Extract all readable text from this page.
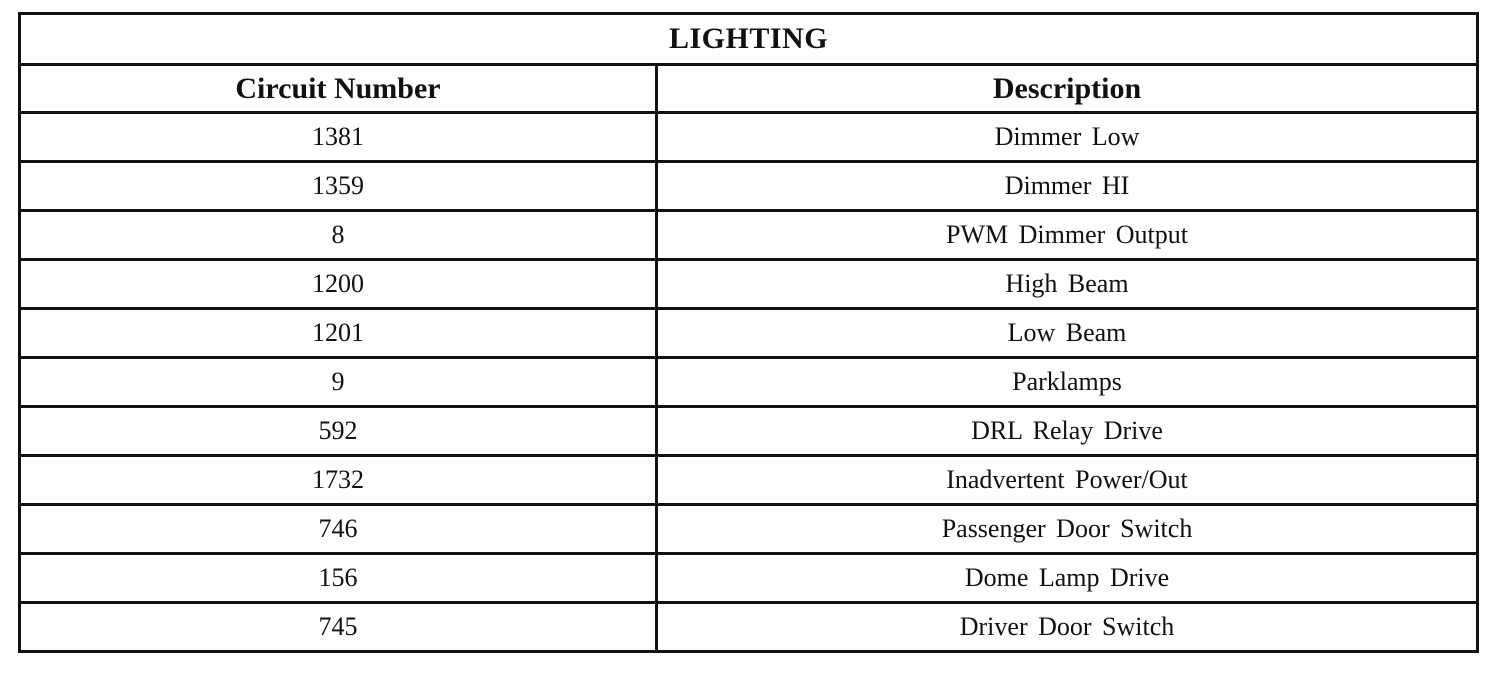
LIGHTING	
Circuit Number	Description
1381	Dimmer Low
1359	Dimmer HI
8	PWM Dimmer Output
1200	High Beam
1201	Low Beam
9	Parklamps
592	DRL Relay Drive
1732	Inadvertent Power/Out
746	Passenger Door Switch
156	Dome Lamp Drive
745	Driver Door Switch
